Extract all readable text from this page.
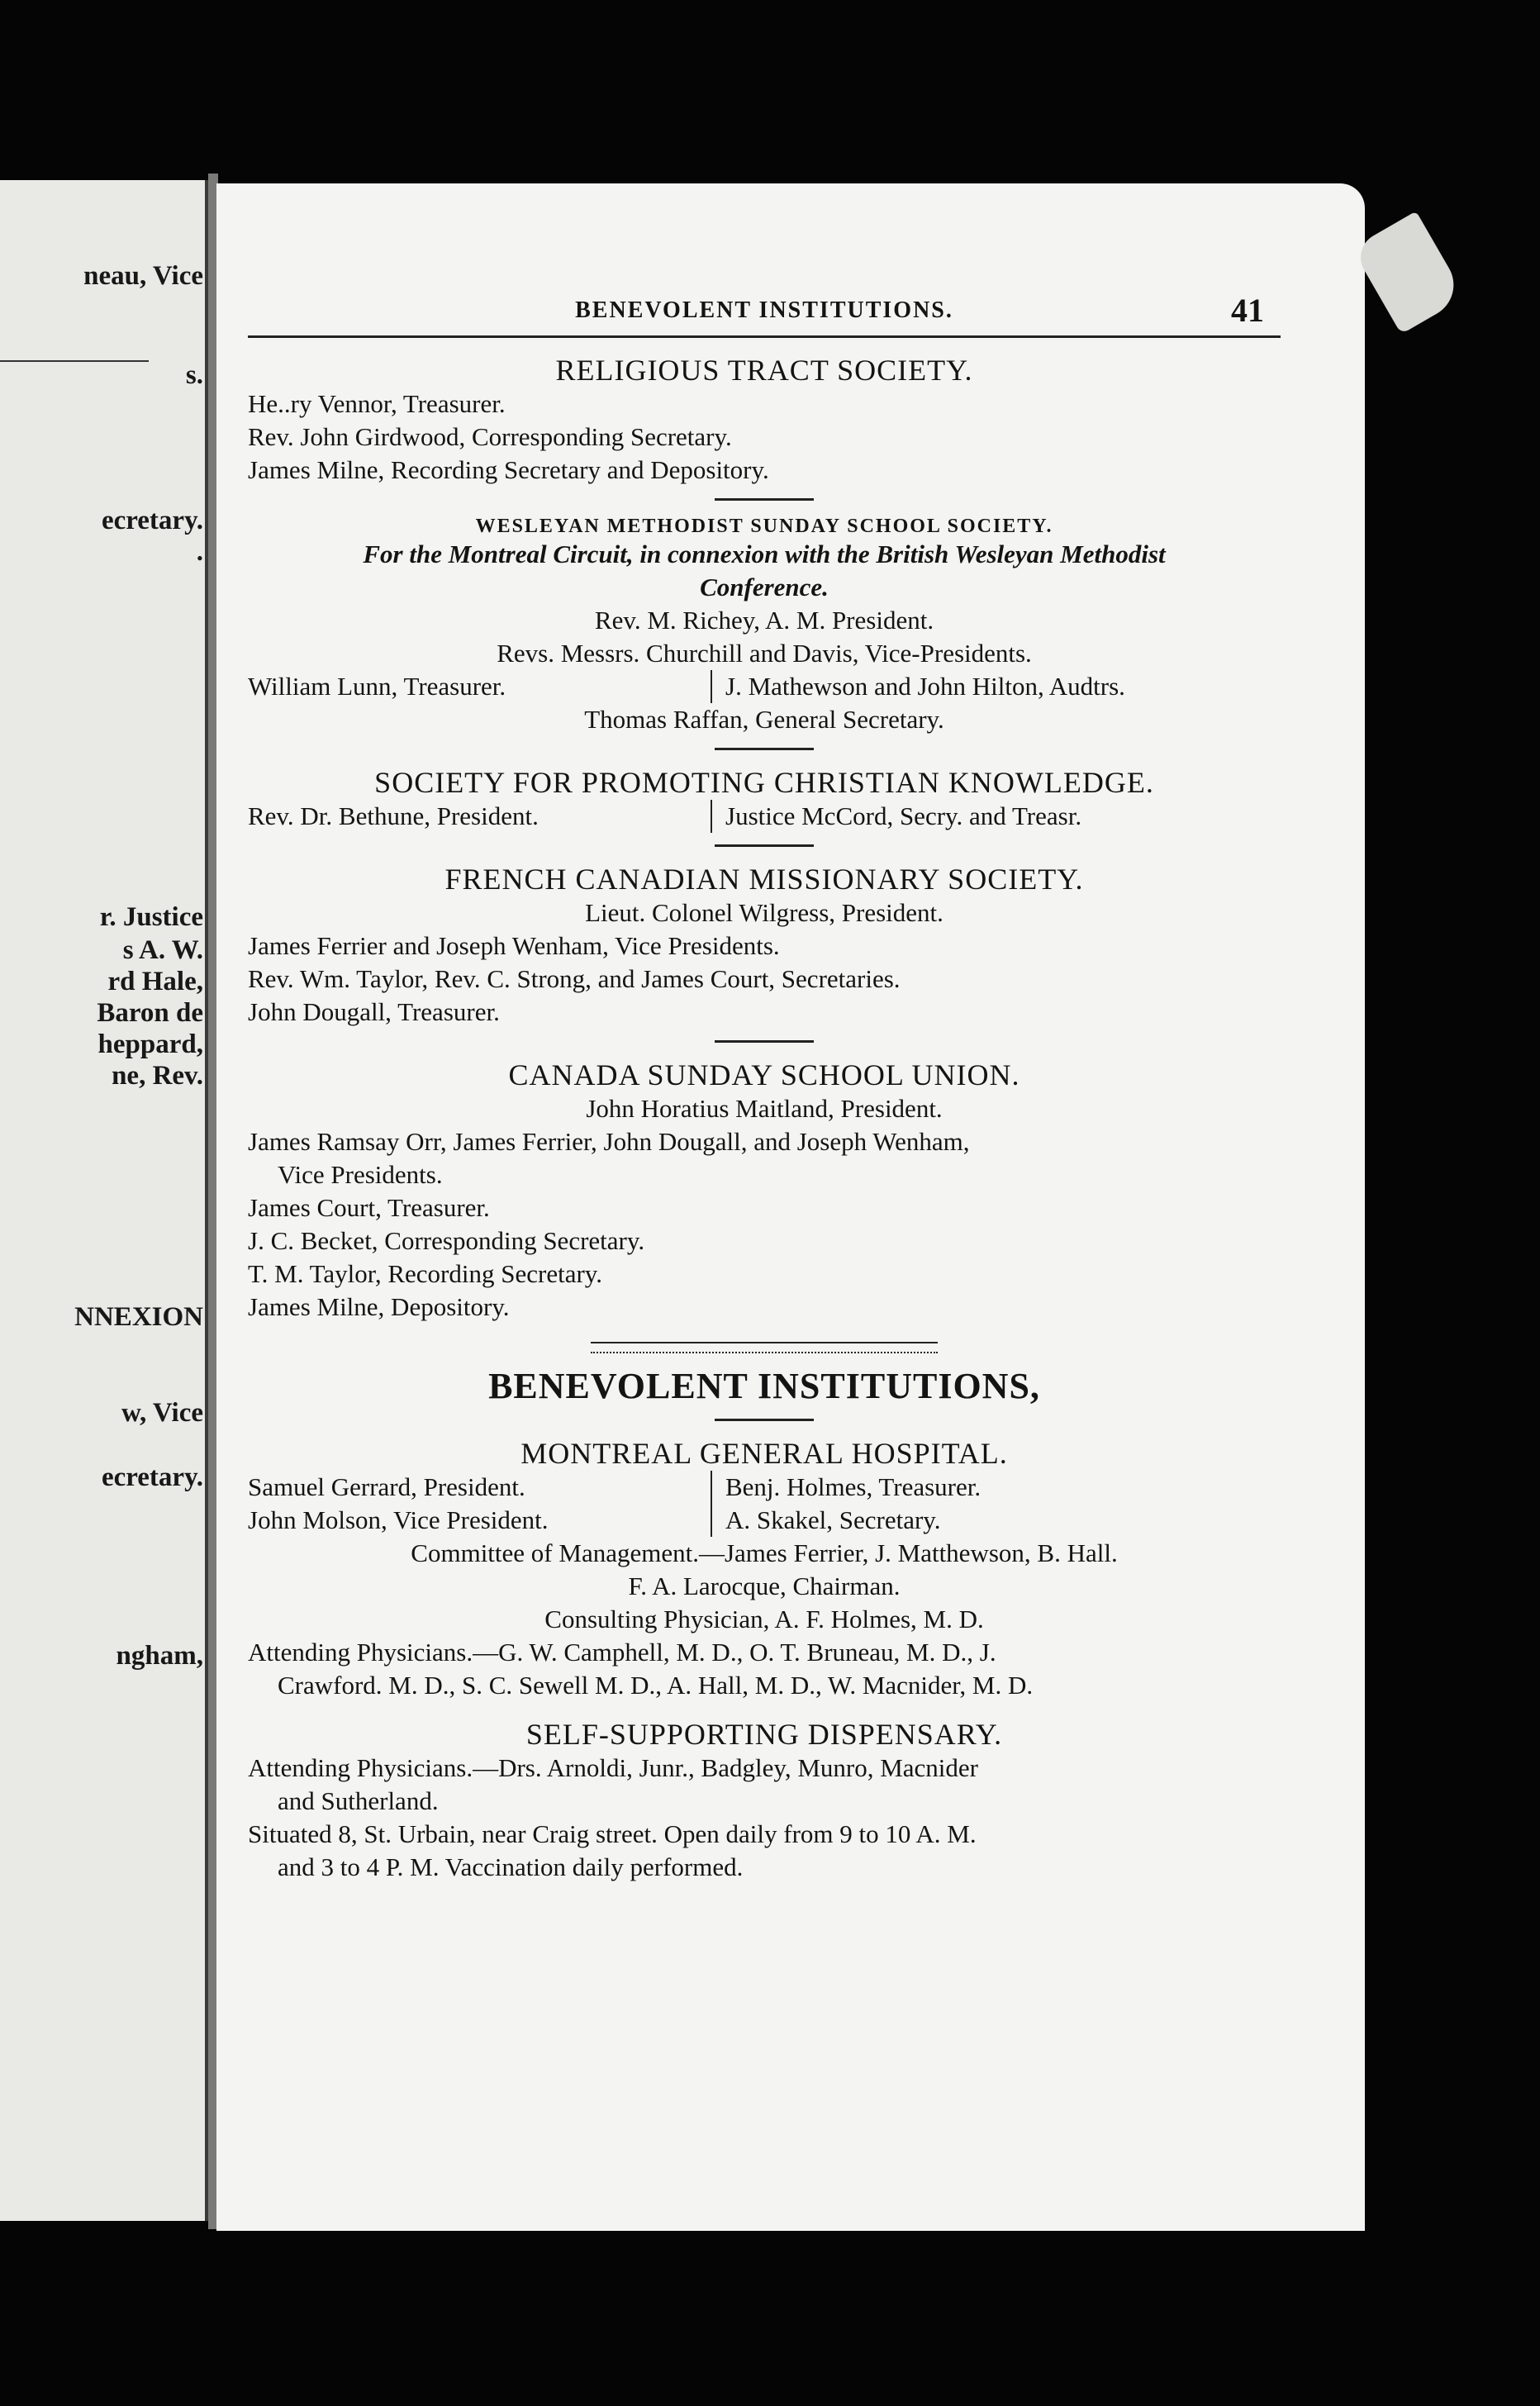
neau, Vice
s.
ecretary.
.
r. Justice
s A. W.
rd Hale,
Baron de
heppard,
ne, Rev.
NNEXION
w, Vice
ecretary.
ngham,
BENEVOLENT INSTITUTIONS.	41
RELIGIOUS TRACT SOCIETY.
He..ry Vennor, Treasurer.
Rev. John Girdwood, Corresponding Secretary.
James Milne, Recording Secretary and Depository.
WESLEYAN METHODIST SUNDAY SCHOOL SOCIETY.
For the Montreal Circuit, in connexion with the British Wesleyan Methodist
Conference.
Rev. M. Richey, A. M. President.
Revs. Messrs. Churchill and Davis, Vice-Presidents.
William Lunn, Treasurer.	J. Mathewson and John Hilton, Audtrs.
Thomas Raffan, General Secretary.
SOCIETY FOR PROMOTING CHRISTIAN KNOWLEDGE.
Rev. Dr. Bethune, President.	Justice McCord, Secry. and Treasr.
FRENCH CANADIAN MISSIONARY SOCIETY.
Lieut. Colonel Wilgress, President.
James Ferrier and Joseph Wenham, Vice Presidents.
Rev. Wm. Taylor, Rev. C. Strong, and James Court, Secretaries.
John Dougall, Treasurer.
CANADA SUNDAY SCHOOL UNION.
John Horatius Maitland, President.
James Ramsay Orr, James Ferrier, John Dougall, and Joseph Wenham,
Vice Presidents.
James Court, Treasurer.
J. C. Becket, Corresponding Secretary.
T. M. Taylor, Recording Secretary.
James Milne, Depository.
BENEVOLENT INSTITUTIONS,
MONTREAL GENERAL HOSPITAL.
Samuel Gerrard, President.	Benj. Holmes, Treasurer.
John Molson, Vice President.	A. Skakel, Secretary.
Committee of Management.—James Ferrier, J. Matthewson, B. Hall.
F. A. Larocque, Chairman.
Consulting Physician, A. F. Holmes, M. D.
Attending Physicians.—G. W. Camphell, M. D., O. T. Bruneau, M. D., J.
Crawford. M. D., S. C. Sewell M. D., A. Hall, M. D., W. Macnider, M. D.
SELF-SUPPORTING DISPENSARY.
Attending Physicians.—Drs. Arnoldi, Junr., Badgley, Munro, Macnider
and Sutherland.
Situated 8, St. Urbain, near Craig street. Open daily from 9 to 10 A. M.
and 3 to 4 P. M. Vaccination daily performed.
